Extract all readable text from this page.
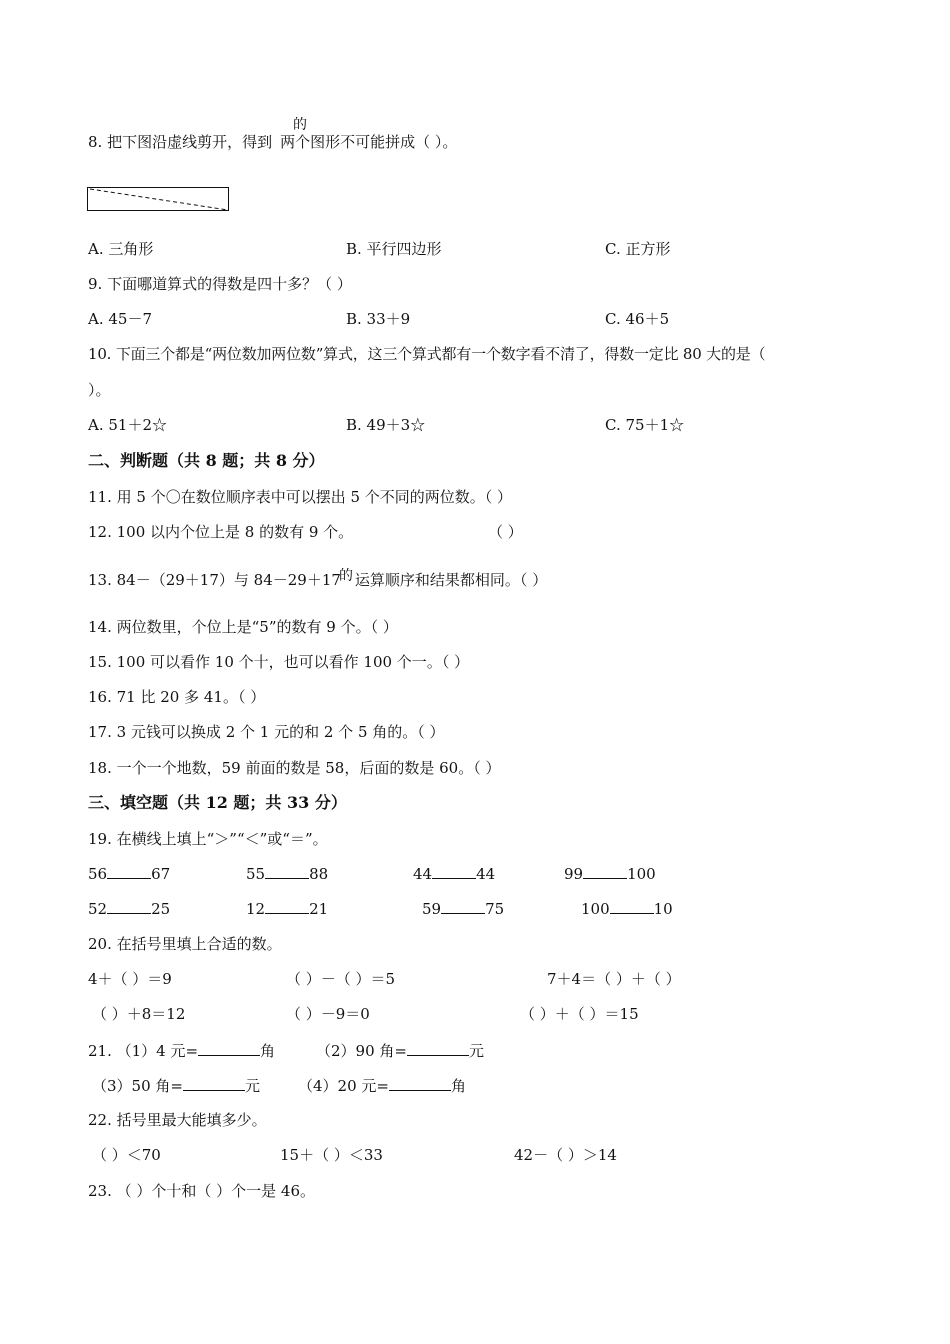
8. 把下图沿虚线剪开，得到 两个图形不可能拼成（ ）。
的
A. 三角形	B. 平行四边形	C. 正方形
9. 下面哪道算式的得数是四十多？（ ）
A. 45－7	B. 33＋9	C. 46＋5
10. 下面三个都是“两位数加两位数”算式，这三个算式都有一个数字看不清了，得数一定比 80 大的是（
）。
A. 51＋2☆	B. 49＋3☆	C. 75＋1☆
二、判断题（共 8 题；共 8 分）
11. 用 5 个〇在数位顺序表中可以摆出 5 个不同的两位数。（ ）
12. 100 以内个位上是 8 的数有 9 个。	（ ）
13. 84－（29＋17）与 84－29＋17 运算顺序和结果都相同。（ ）
的
14. 两位数里，个位上是“5”的数有 9 个。（ ）
15. 100 可以看作 10 个十，也可以看作 100 个一。（ ）
16. 71 比 20 多 41。（ ）
17. 3 元钱可以换成 2 个 1 元的和 2 个 5 角的。（ ）
18. 一个一个地数，59 前面的数是 58，后面的数是 60。（ ）
三、填空题（共 12 题；共 33 分）
19. 在横线上填上“＞”“＜”或“＝”。
56	67	55	88	44	44	99	100
52	25	12	21	59	75	100	10
20. 在括号里填上合适的数。
4＋（ ）＝9	（ ）－（ ）＝5	7＋4＝（ ）＋（ ）
（ ）＋8＝12	（ ）－9＝0	（ ）＋（ ）＝15
21. （1）4 元=	角	（2）90 角=	元
（3）50 角=	元	（4）20 元=	角
22. 括号里最大能填多少。
（ ）＜70	15＋（ ）＜33	42－（ ）＞14
23. （ ）个十和（ ）个一是 46。
